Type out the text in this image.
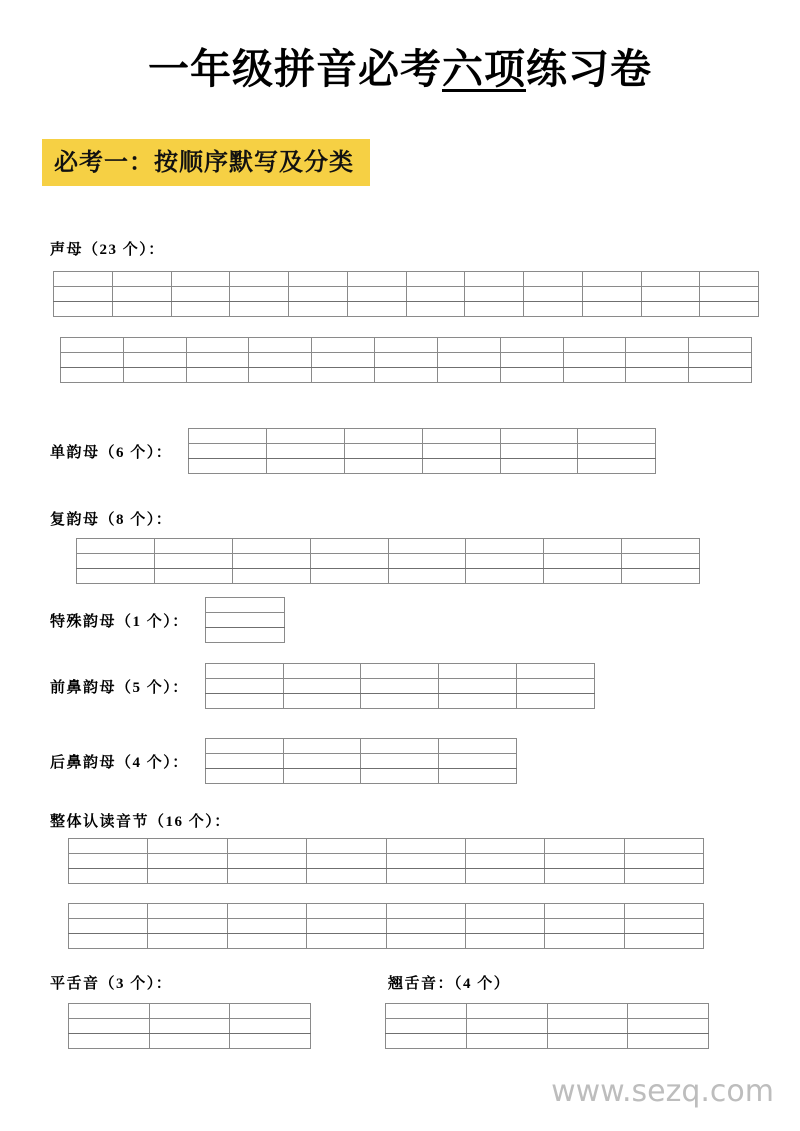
一年级拼音必考六项练习卷
必考一：按顺序默写及分类
声母（23 个）：

单韵母（6 个）：

复韵母（8 个）：

特殊韵母（1 个）：

前鼻韵母（5 个）：

后鼻韵母（4 个）：

整体认读音节（16 个）：

平舌音（3 个）：

			翘舌音：（4 个）

www.sezq.com
